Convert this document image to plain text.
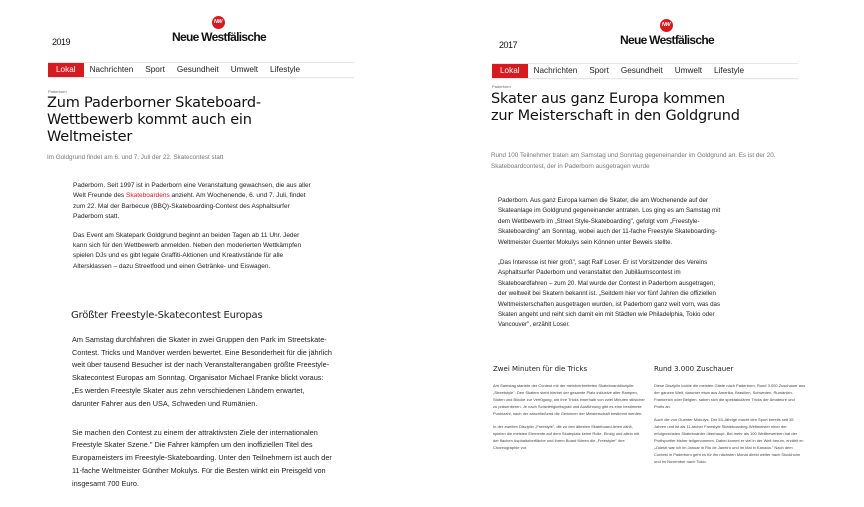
2019
NW
Neue Westfälische
Lokal	Nachrichten	Sport	Gesundheit	Umwelt	Lifestyle
Paderborn
Zum Paderborner Skateboard-Wettbewerb kommt auch ein Weltmeister
Im Goldgrund findet am 6. und 7. Juli der 22. Skatecontest statt

Paderborn. Seit 1997 ist in Paderborn eine Veranstaltung gewachsen, die aus aller Welt Freunde des Skateboardens anzieht. Am Wochenende, 6. und 7. Juli, findet zum 22. Mal der Barbecue (BBQ)-Skateboarding-Contest des Asphaltsurfer Paderborn statt.

Das Event am Skatepark Goldgrund beginnt an beiden Tagen ab 11 Uhr. Jeder kann sich für den Wettbewerb anmelden. Neben den moderierten Wettkämpfen spielen DJs und es gibt legale Graffiti-Aktionen und Kreativstände für alle Altersklassen – dazu Streetfood und einen Getränke- und Eiswagen.

Größter Freestyle-Skatecontest Europas

Am Samstag durchfahren die Skater in zwei Gruppen den Park im Streetskate-Contest. Tricks und Manöver werden bewertet. Eine Besonderheit für die jährlich weit über tausend Besucher ist der nach Veranstalterangaben größte Freestyle-Skatecontest Europas am Sonntag. Organisator Michael Franke blickt voraus: „Es werden Freestyle Skater aus zehn verschiedenen Ländern erwartet, darunter Fahrer aus den USA, Schweden und Rumänien.

Sie machen den Contest zu einem der attraktivsten Ziele der internationalen Freestyle Skater Szene." Die Fahrer kämpfen um den inoffiziellen Titel des Europameisters im Freestyle-Skateboarding. Unter den Teilnehmern ist auch der 11-fache Weltmeister Günther Mokulys. Für die Besten winkt ein Preisgeld von insgesamt 700 Euro.

2017
NW
Neue Westfälische
Lokal	Nachrichten	Sport	Gesundheit	Umwelt	Lifestyle
Paderborn
Skater aus ganz Europa kommen zur Meisterschaft in den Goldgrund
Rund 100 Teilnehmer traten am Samstag und Sonntag gegeneinander im Goldgrund an. Es ist der 20. Skateboardcontest, der in Paderborn ausgetragen wurde

Paderborn. Aus ganz Europa kamen die Skater, die am Wochenende auf der Skateanlage im Goldgrund gegeneinander antraten. Los ging es am Samstag mit dem Wettbewerb im „Street Style-Skateboarding", gefolgt vom „Freestyle-Skateboarding" am Sonntag, wobei auch der 11-fache Freestyle Skateboarding-Weltmeister Guenter Mokulys sein Können unter Beweis stellte.

„Das Interesse ist hier groß", sagt Ralf Loser. Er ist Vorsitzender des Vereins Asphaltsurfer Paderborn und veranstaltet den Jubiläumscontest im Skateboardfahren – zum 20. Mal wurde der Contest in Paderborn ausgetragen, der weltweit bei Skatern bekannt ist. „Seitdem hier vor fünf Jahren die offiziellen Weltmeisterschaften ausgetragen wurden, ist Paderborn ganz weit vorn, was das Skaten angeht und reiht sich damit ein mit Städten wie Philadelphia, Tokio oder Vancouver", erzählt Loser.

Zwei Minuten für die Tricks

Am Samstag startete der Contest mit der meistverbreiteten Skateboarddisziplin: „Streetstyle". Den Skatern steht hierbei der gesamte Platz inklusive aller Rampen, Stufen und Blöcke zur Verfügung, um ihre Tricks innerhalb von zwei Minuten stilsicher zu präsentieren. Je nach Schwierigkeitsgrad und Ausführung gibt es eine bestimmte Punktzahl, nach der anschließend die Gewinner der Meisterschaft bestimmt werden.

In der zweiten Disziplin „Freestyle", die zu den ältesten Skateboard Arten zählt, spielen die meisten Elemente auf dem Skateplatz keine Rolle. Einzig und allein mit der flachen Asphaltoberfläche und ihrem Board führen die „Freestyler" ihre Choreographie vor.

Rund 3.000 Zuschauer

Diese Disziplin lockte die meisten Gäste nach Paderborn. Rund 3.000 Zuschauer aus der ganzen Welt, darunter etwa aus Amerika, Brasilien, Schweden, Rumänien, Frankreich oder Belgien, sahen sich die spektakulären Tricks der Amateure und Profis an.

Auch die von Guenter Mokulys. Der 53-Jährige macht den Sport bereits seit 35 Jahren und ist als 11-facher Freestyle Skateboarding-Weltmeister einer der erfolgreichsten Skateboarder überhaupt. Bei mehr als 100 Wettbewerben hat der Profisportler bisher teilgenommen. Dabei kommt er viel in der Welt herum, erzählt er: „Zuletzt war ich im Januar in Rio de Janeiro und im Mai in Kanada." Nach dem Contest in Paderborn geht es für ihn nächsten Monat direkt weiter nach Stockholm und im November nach Tokio.
